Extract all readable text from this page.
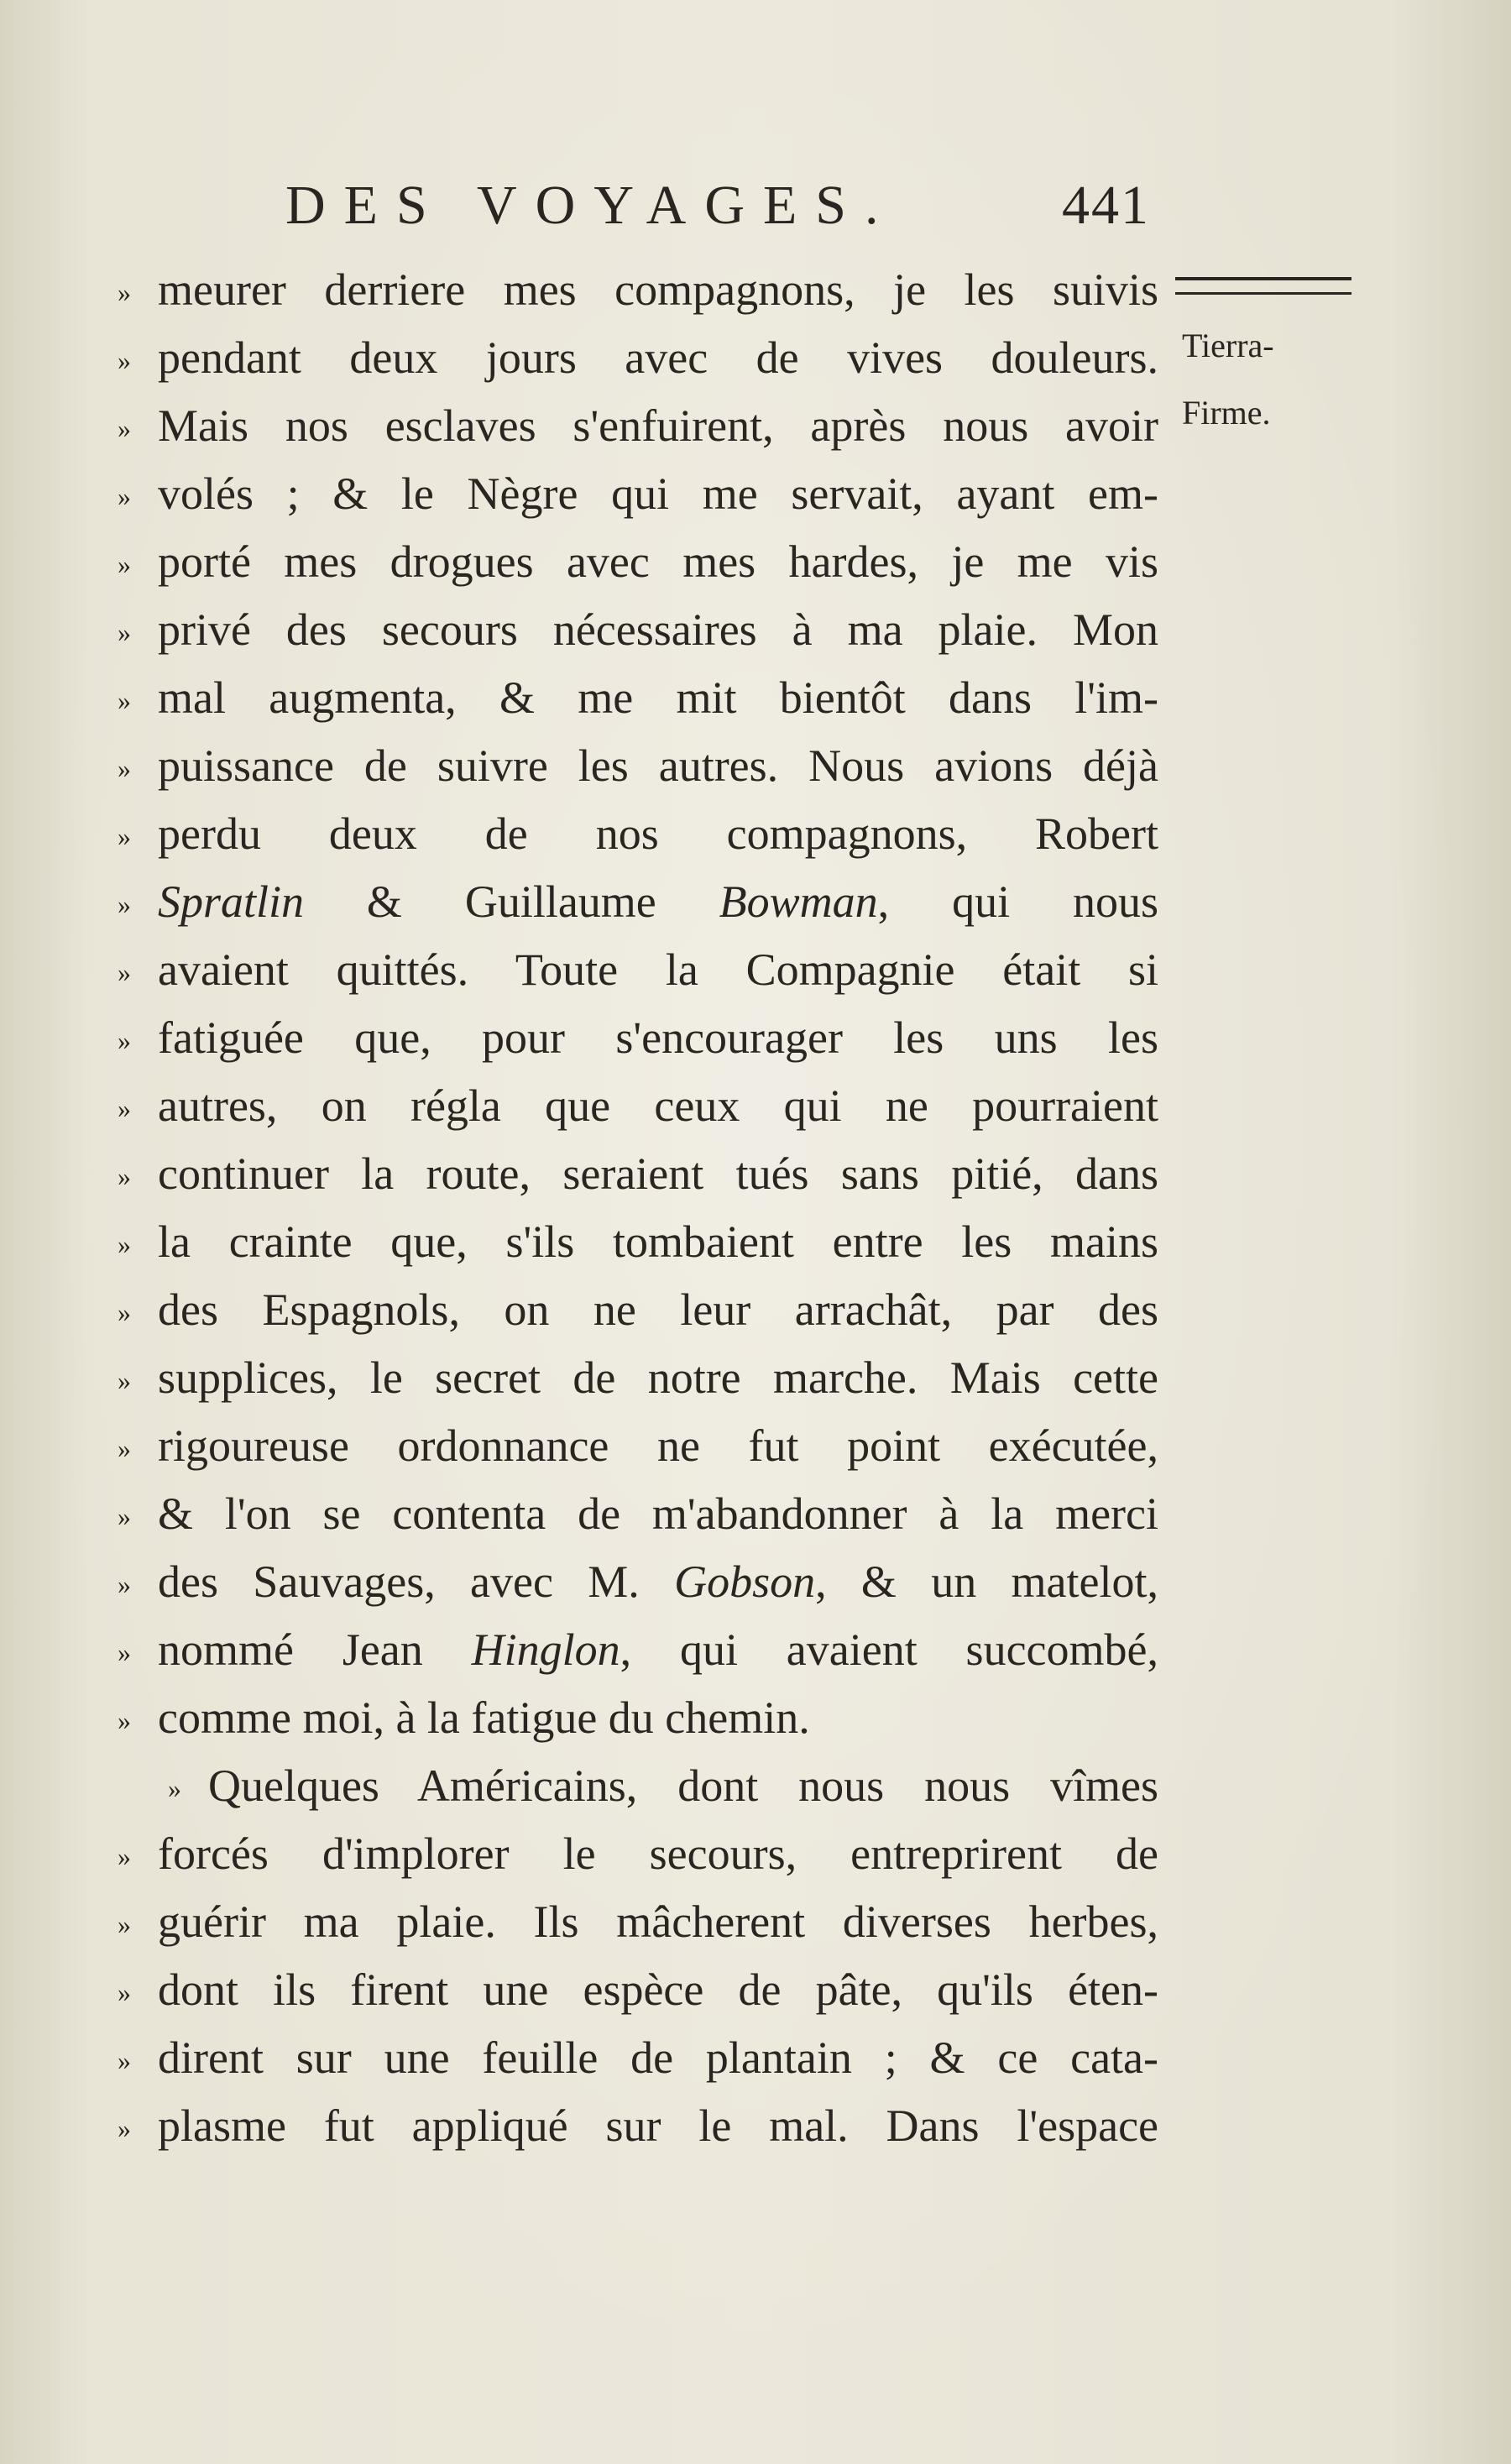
DES VOYAGES.	441
Tierra-
Firme.
» meurer derriere mes compagnons, je les suivis
» pendant deux jours avec de vives douleurs.
» Mais nos esclaves s'enfuirent, après nous avoir
» volés ; & le Nègre qui me servait, ayant em-
» porté mes drogues avec mes hardes, je me vis
» privé des secours nécessaires à ma plaie. Mon
» mal augmenta, & me mit bientôt dans l'im-
» puissance de suivre les autres. Nous avions déjà
» perdu deux de nos compagnons, Robert
» Spratlin & Guillaume Bowman, qui nous
» avaient quittés. Toute la Compagnie était si
» fatiguée que, pour s'encourager les uns les
» autres, on régla que ceux qui ne pourraient
» continuer la route, seraient tués sans pitié, dans
» la crainte que, s'ils tombaient entre les mains
» des Espagnols, on ne leur arrachât, par des
» supplices, le secret de notre marche. Mais cette
» rigoureuse ordonnance ne fut point exécutée,
» & l'on se contenta de m'abandonner à la merci
» des Sauvages, avec M. Gobson, & un matelot,
» nommé Jean Hinglon, qui avaient succombé,
» comme moi, à la fatigue du chemin.
» Quelques Américains, dont nous nous vîmes
» forcés d'implorer le secours, entreprirent de
» guérir ma plaie. Ils mâcherent diverses herbes,
» dont ils firent une espèce de pâte, qu'ils éten-
» dirent sur une feuille de plantain ; & ce cata-
» plasme fut appliqué sur le mal. Dans l'espace
